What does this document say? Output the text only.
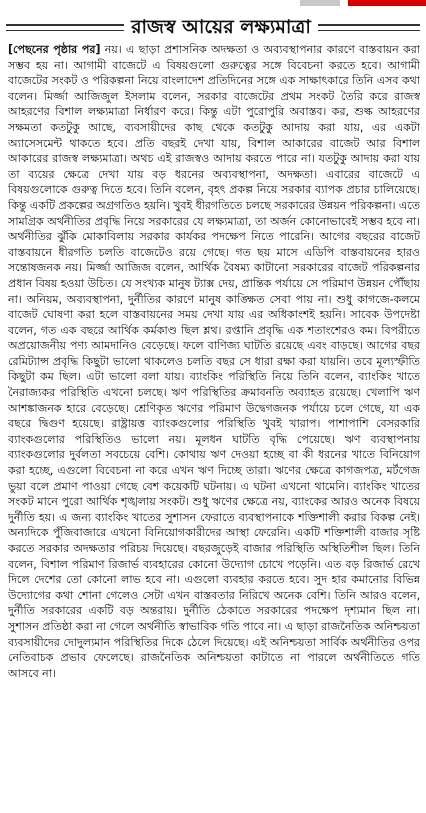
রাজস্ব আয়ের লক্ষ্যমাত্রা
[পেছনের পৃষ্ঠার পর] নয়। এ ছাড়া প্রশাসনিক অদক্ষতা ও অব্যবস্থাপনার কারণে বাস্তবায়ন করা সম্ভব হয় না। আগামী বাজেটে এ বিষয়গুলো গুরুত্বের সঙ্গে বিবেচনা করতে হবে। আগামী বাজেটের সংকট ও পরিকল্পনা নিয়ে বাংলাদেশ প্রতিদিনের সঙ্গে এক সাক্ষাৎকারে তিনি এসব কথা বলেন। মির্জ্জা আজিজুল ইসলাম বলেন, সরকার বাজেটের প্রথম সংকট তৈরি করে রাজস্ব আহরণের বিশাল লক্ষ্যমাত্রা নির্ধারণ করে। কিন্তু এটা পুরোপুরি অবাস্তব। কর, শুল্ক আহরণের সক্ষমতা কতটুকু আছে, ব্যবসায়ীদের কাছ থেকে কতটুকু আদায় করা যায়, এর একটা অ্যাসেসমেন্ট থাকতে হবে। প্রতি বছরই দেখা যায়, বিশাল আকারের বাজেট আর বিশাল আকারের রাজস্ব লক্ষ্যমাত্রা। অথচ এই রাজস্বও আদায় করতে পারে না। যতটুকু আদায় করা যায় তা ব্যয়ের ক্ষেত্রে দেখা যায় বড় ধরনের অব্যবস্থাপনা, অদক্ষতা। এবারের বাজেটে এ বিষয়গুলোকে গুরুত্ব দিতে হবে। তিনি বলেন, বৃহৎ প্রকল্প নিয়ে সরকার ব্যাপক প্রচার চালিয়েছে। কিন্তু একটি প্রকল্পের অগ্রগতিও হয়নি। খুবই ধীরগতিতে চলছে সরকারের উন্নয়ন পরিকল্পনা। এতে সামগ্রিক অর্থনীতির প্রবৃদ্ধি নিয়ে সরকারের যে লক্ষ্যমাত্রা, তা অর্জন কোনোভাবেই সম্ভব হবে না। অর্থনীতির ঝুঁকি মোকাবিলায় সরকার কার্যকর পদক্ষেপ নিতে পারেনি। আগের বছরের বাজেট বাস্তবায়নে ধীরগতি চলতি বাজেটেও রয়ে গেছে। গত ছয় মাসে এডিপি বাস্তবায়নের হারও সন্তোষজনক নয়। মির্জ্জা আজিজ বলেন, আর্থিক বৈষম্য কাটানো সরকারের বাজেট পরিকল্পনার প্রধান বিষয় হওয়া উচিত। যে সংখ্যক মানুষ ট্যাক্স দেয়, প্রান্তিক পর্যায়ে সে পরিমাণ উন্নয়ন পৌঁছায় না। অনিয়ম, অব্যবস্থাপনা, দুর্নীতির কারণে মানুষ কাঙ্ক্ষিত সেবা পায় না। শুধু কাগজে-কলমে বাজেট ঘোষণা করা হলে বাস্তবায়নের সময় দেখা যায় এর অধিকাংশই হয়নি। সাবেক উপদেষ্টা বলেন, গত এক বছরে আর্থিক কর্মকাণ্ড ছিল শ্লথ। রপ্তানি প্রবৃদ্ধি এক শতাংশেরও কম। বিপরীতে অপ্রয়োজনীয় পণ্য আমদানিও বেড়েছে। ফলে বাণিজ্য ঘাটতি রয়েছে এবং বাড়ছে। আগের বছর রেমিট্যান্স প্রবৃদ্ধি কিছুটা ভালো থাকলেও চলতি বছর সে ধারা রক্ষা করা যায়নি। তবে মূল্যস্ফীতি কিছুটা কম ছিল। এটা ভালো বলা যায়। ব্যাংকিং পরিস্থিতি নিয়ে তিনি বলেন, ব্যাংকিং খাতে নৈরাজ্যকর পরিস্থিতি এখনো চলছে। ঋণ পরিস্থিতির ক্রমাবনতি অব্যাহত রয়েছে। খেলাপি ঋণ আশঙ্কাজনক হারে বেড়েছে। শ্রেণিকৃত ঋণের পরিমাণ উদ্বেগজনক পর্যায়ে চলে গেছে, যা এক বছরে দ্বিগুণ হয়েছে। রাষ্ট্রায়ত্ত ব্যাংকগুলোর পরিস্থিতি খুবই খারাপ। পাশাপাশি বেসরকারি ব্যাংকগুলোর পরিস্থিতিও ভালো নয়। মূলধন ঘাটতি বৃদ্ধি পেয়েছে। ঋণ ব্যবস্থাপনায় ব্যাংকগুলোর দুর্বলতা সবচেয়ে বেশি। কোথায় ঋণ দেওয়া হচ্ছে বা কী ধরনের খাতে বিনিয়োগ করা হচ্ছে, এগুলো বিবেচনা না করে এখন ঋণ দিচ্ছে তারা। ঋণের ক্ষেত্রে কাগজপত্র, মর্টগেজ ভুয়া বলে প্রমাণ পাওয়া গেছে বেশ কয়েকটি ঘটনায়। এ ঘটনা এখনো থামেনি। ব্যাংকিং খাতের সংকট মানে পুরো আর্থিক শৃঙ্খলায় সংকট। শুধু ঋণের ক্ষেত্রে নয়, ব্যাংকের আরও অনেক বিষয়ে দুর্নীতি হয়। এ জন্য ব্যাংকিং খাতের সুশাসন ফেরাতে ব্যবস্থাপনাকে শক্তিশালী করার বিকল্প নেই। অন্যদিকে পুঁজিবাজারে এখনো বিনিয়োগকারীদের আস্থা ফেরেনি। একটি শক্তিশালী বাজার সৃষ্টি করতে সরকার অদক্ষতার পরিচয় দিয়েছে। বছরজুড়েই বাজার পরিস্থিতি অস্থিতিশীল ছিল। তিনি বলেন, বিশাল পরিমাণ রিজার্ভ ব্যবহারের কোনো উদ্যোগ চোখে পড়েনি। এত বড় রিজার্ভ রেখে দিলে দেশের তো কোনো লাভ হবে না। এগুলো ব্যবহার করতে হবে। সুদ হার কমানোর বিভিন্ন উদ্যোগের কথা শোনা গেলেও সেটা এখন বাস্তবতার নিরিখে অনেক বেশি। তিনি আরও বলেন, দুর্নীতি সরকারের একটি বড় অন্তরায়। দুর্নীতি ঠেকাতে সরকারের পদক্ষেপ দৃশ্যমান ছিল না। সুশাসন প্রতিষ্ঠা করা না গেলে অর্থনীতি স্বাভাবিক গতি পাবে না। এ ছাড়া রাজনৈতিক অনিশ্চয়তা ব্যবসায়ীদের দোদুল্যমান পরিস্থিতির দিকে ঠেলে দিয়েছে। এই অনিশ্চয়তা সার্বিক অর্থনীতির ওপর নেতিবাচক প্রভাব ফেলেছে। রাজনৈতিক অনিশ্চয়তা কাটাতে না পারলে অর্থনীতিতে গতি আসবে না।
